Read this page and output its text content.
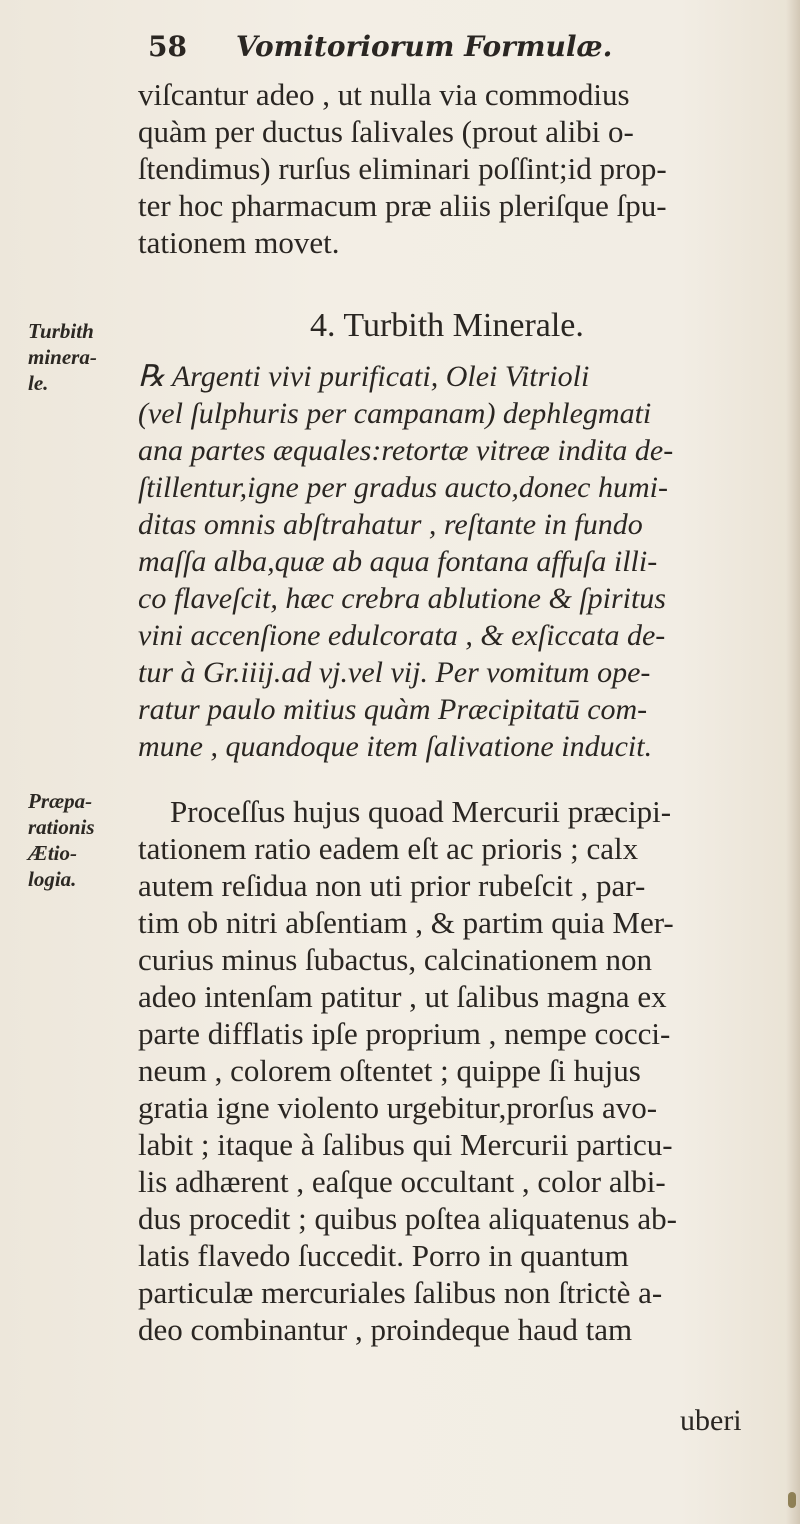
58 Vomitoriorum Formulæ.
viſcantur adeo , ut nulla via commodius
quàm per ductus ſalivales (prout alibi o-
ſtendimus) rurſus eliminari poſſint;id prop-
ter hoc pharmacum præ aliis pleriſque ſpu-
tationem movet.
4. Turbith Minerale.
Turbith
minera-
le.	℞ Argenti vivi purificati, Olei Vitrioli
(vel ſulphuris per campanam) dephlegmati
ana partes æquales:retortæ vitreæ indita de-
ſtillentur,igne per gradus aucto,donec humi-
ditas omnis abſtrahatur , reſtante in fundo
maſſa alba,quæ ab aqua fontana affuſa illi-
co flaveſcit, hæc crebra ablutione & ſpiritus
vini accenſione edulcorata , & exſiccata de-
tur à Gr.iiij.ad vj.vel vij. Per vomitum ope-
ratur paulo mitius quàm Præcipitatū com-
mune , quandoque item ſalivatione inducit.
Præpa-
rationis
Ætio-
logia.
Proceſſus hujus quoad Mercurii præcipi-
tationem ratio eadem eſt ac prioris ; calx
autem reſidua non uti prior rubeſcit , par-
tim ob nitri abſentiam , & partim quia Mer-
curius minus ſubactus, calcinationem non
adeo intenſam patitur , ut ſalibus magna ex
parte difflatis ipſe proprium , nempe cocci-
neum , colorem oſtentet ; quippe ſi hujus
gratia igne violento urgebitur,prorſus avo-
labit ; itaque à ſalibus qui Mercurii particu-
lis adhærent , eaſque occultant , color albi-
dus procedit ; quibus poſtea aliquatenus ab-
latis flavedo ſuccedit. Porro in quantum
particulæ mercuriales ſalibus non ſtrictè a-
deo combinantur , proindeque haud tam
uberi
